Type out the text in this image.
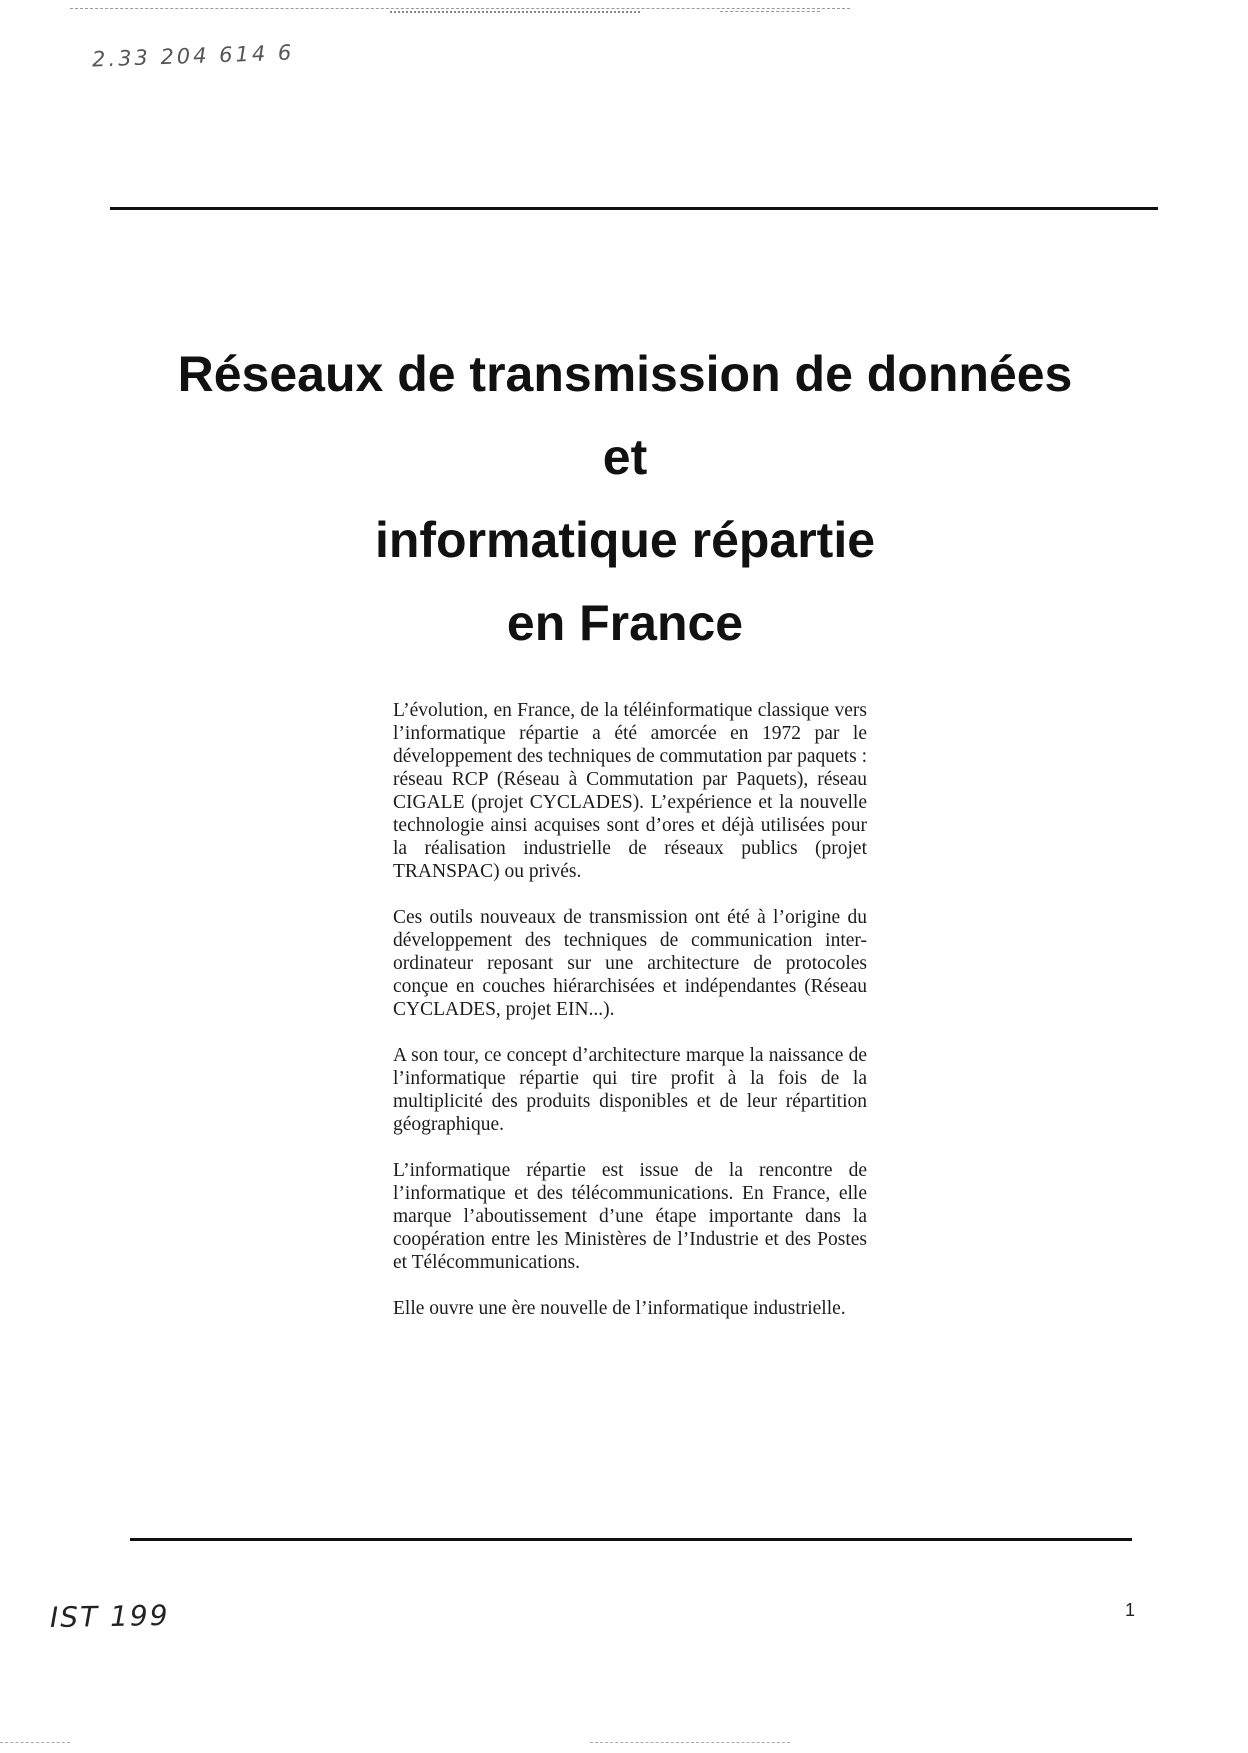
2.33 204 614 6
Réseaux de transmission de données
et
informatique répartie
en France

L’évolution, en France, de la téléinformatique classique vers l’informatique répartie a été amorcée en 1972 par le développement des techniques de commutation par paquets : réseau RCP (Réseau à Commutation par Paquets), réseau CIGALE (projet CYCLADES). L’expérience et la nouvelle technologie ainsi acquises sont d’ores et déjà utilisées pour la réalisation industrielle de réseaux publics (projet TRANSPAC) ou privés.

Ces outils nouveaux de transmission ont été à l’origine du développement des techniques de communication inter-ordinateur reposant sur une architecture de protocoles conçue en couches hiérarchisées et indépendantes (Réseau CYCLADES, projet EIN...).

A son tour, ce concept d’architecture marque la naissance de l’informatique répartie qui tire profit à la fois de la multiplicité des produits disponibles et de leur répartition géographique.

L’informatique répartie est issue de la rencontre de l’informatique et des télécommunications. En France, elle marque l’aboutissement d’une étape importante dans la coopération entre les Ministères de l’Industrie et des Postes et Télécommunications.

Elle ouvre une ère nouvelle de l’informatique industrielle.

IST 199	1
